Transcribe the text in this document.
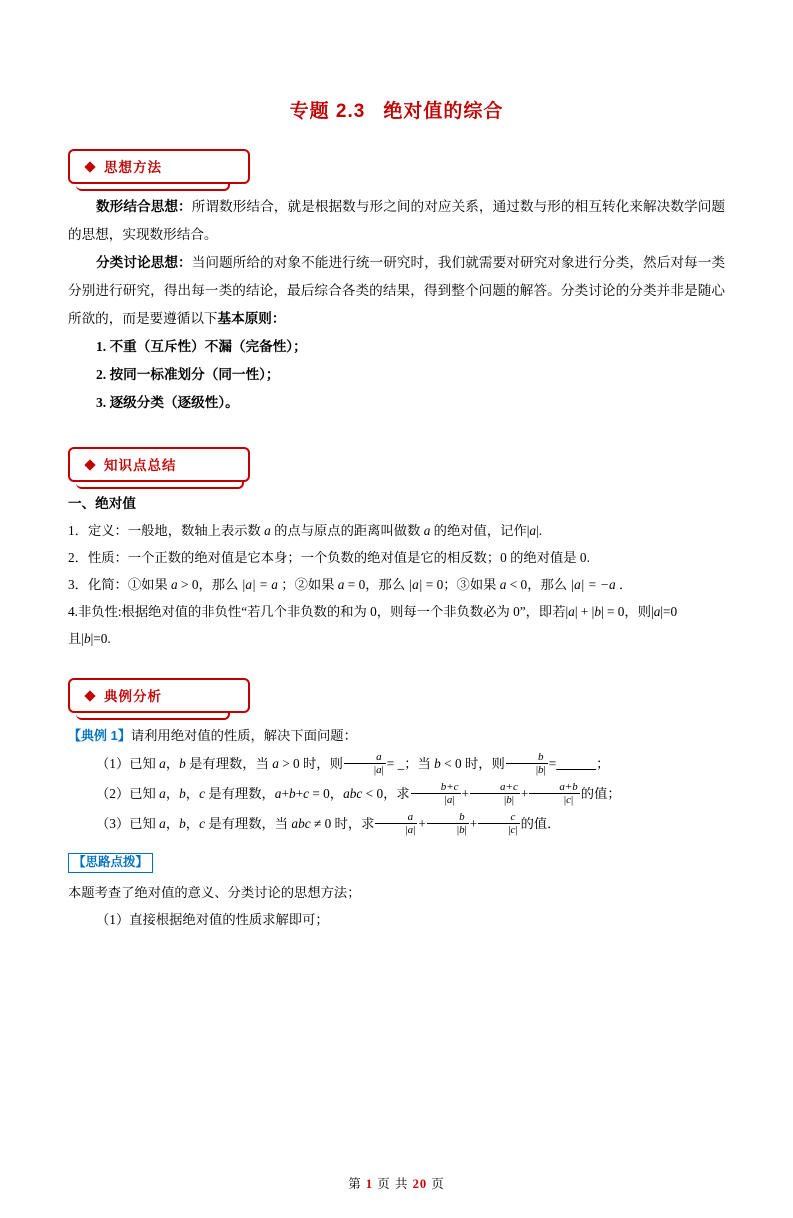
专题 2.3 绝对值的综合
思想方法

数形结合思想：所谓数形结合，就是根据数与形之间的对应关系，通过数与形的相互转化来解决数学问题的思想，实现数形结合。

分类讨论思想：当问题所给的对象不能进行统一研究时，我们就需要对研究对象进行分类，然后对每一类分别进行研究，得出每一类的结论，最后综合各类的结果，得到整个问题的解答。分类讨论的分类并非是随心所欲的，而是要遵循以下基本原则：

1. 不重（互斥性）不漏（完备性）；

2. 按同一标准划分（同一性）；

3. 逐级分类（逐级性）。

知识点总结

一、绝对值

1．定义：一般地，数轴上表示数 a 的点与原点的距离叫做数 a 的绝对值，记作|a|.

2．性质：一个正数的绝对值是它本身；一个负数的绝对值是它的相反数；0 的绝对值是 0.

3．化简：①如果 a > 0，那么 |a| = a ；②如果 a = 0，那么 |a| = 0；③如果 a < 0，那么 |a| = −a ．

4.非负性:根据绝对值的非负性“若几个非负数的和为 0，则每一个非负数必为 0”，即若|a| + |b| = 0，则|a|=0

且|b|=0.

典例分析

【典例 1】请利用绝对值的性质，解决下面问题：

（1）已知 a，b 是有理数，当 a > 0 时，则 $\frac{a}{|a|}$ = _；当 b < 0 时，则 $\frac{b}{|b|}$ =	；

（2）已知 a，b，c 是有理数，a+b+c = 0，abc < 0，求 $\frac{b+c}{|a|} + \frac{a+c}{|b|} + \frac{a+b}{|c|}$ 的值；

（3）已知 a，b，c 是有理数，当 abc ≠ 0 时，求 $\frac{a}{|a|} + \frac{b}{|b|} + \frac{c}{|c|}$ 的值．

【思路点拨】

本题考查了绝对值的意义、分类讨论的思想方法；

（1）直接根据绝对值的性质求解即可；

第 1 页 共 20 页
